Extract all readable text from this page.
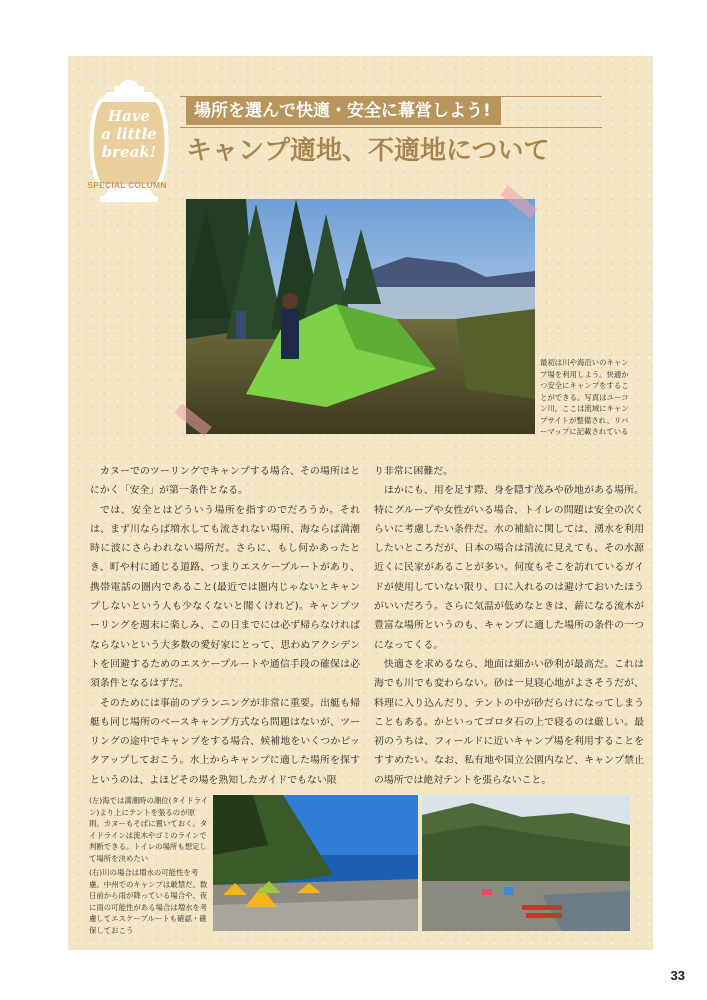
Have
a little
break!
SPECIAL COLUMN
場所を選んで快適・安全に幕営しよう!
キャンプ適地、不適地について

最初は川や海沿いのキャンプ場を利用しよう。快適かつ安全にキャンプをすることができる。写真はユーコン川。ここは流域にキャンプサイトが整備され、リバーマップに記載されている

カヌーでのツーリングでキャンプする場合、その場所はとにかく「安全」が第一条件となる。

では、安全とはどういう場所を指すのでだろうか。それは、まず川ならば増水しても流されない場所、海ならば満潮時に波にさらわれない場所だ。さらに、もし何かあったとき、町や村に通じる道路、つまりエスケープルートがあり、携帯電話の圏内であること(最近では圏内じゃないとキャンプしないという人も少なくないと聞くけれど)。キャンプツーリングを週末に楽しみ、この日までには必ず帰らなければならないという大多数の愛好家にとって、思わぬアクシデントを回避するためのエスケープルートや通信手段の確保は必須条件となるはずだ。

そのためには事前のプランニングが非常に重要。出艇も帰艇も同じ場所のベースキャンプ方式なら問題はないが、ツーリングの途中でキャンプをする場合、候補地をいくつかピックアップしておこう。水上からキャンプに適した場所を探すというのは、よほどその場を熟知したガイドでもない限

り非常に困難だ。

ほかにも、用を足す際、身を隠す茂みや砂地がある場所。特にグループや女性がいる場合、トイレの問題は安全の次くらいに考慮したい条件だ。水の補給に関しては、湧水を利用したいところだが、日本の場合は清流に見えても、その水源近くに民家があることが多い。何度もそこを訪れているガイドが使用していない限り、口に入れるのは避けておいたほうがいいだろう。さらに気温が低めなときは、薪になる流木が豊富な場所というのも、キャンプに適した場所の条件の一つになってくる。

快適さを求めるなら、地面は細かい砂利が最高だ。これは海でも川でも変わらない。砂は一見寝心地がよさそうだが、料理に入り込んだり、テントの中が砂だらけになってしまうこともある。かといってゴロタ石の上で寝るのは厳しい。最初のうちは、フィールドに近いキャンプ場を利用することをすすめたい。なお、私有地や国立公園内など、キャンプ禁止の場所では絶対テントを張らないこと。

(左)海では満潮時の潮位(タイドライン)より上にテントを張るのが原則。カヌーもそばに置いておく。タイドラインは流木やゴミのラインで判断できる。トイレの場所も想定して場所を決めたい

(右)川の場合は増水の可能性を考慮。中州でのキャンプは厳禁だ。数日前から雨が降っている場合や、夜に雨の可能性がある場合は増水を考慮してエスケープルートも確認・確保しておこう

33
